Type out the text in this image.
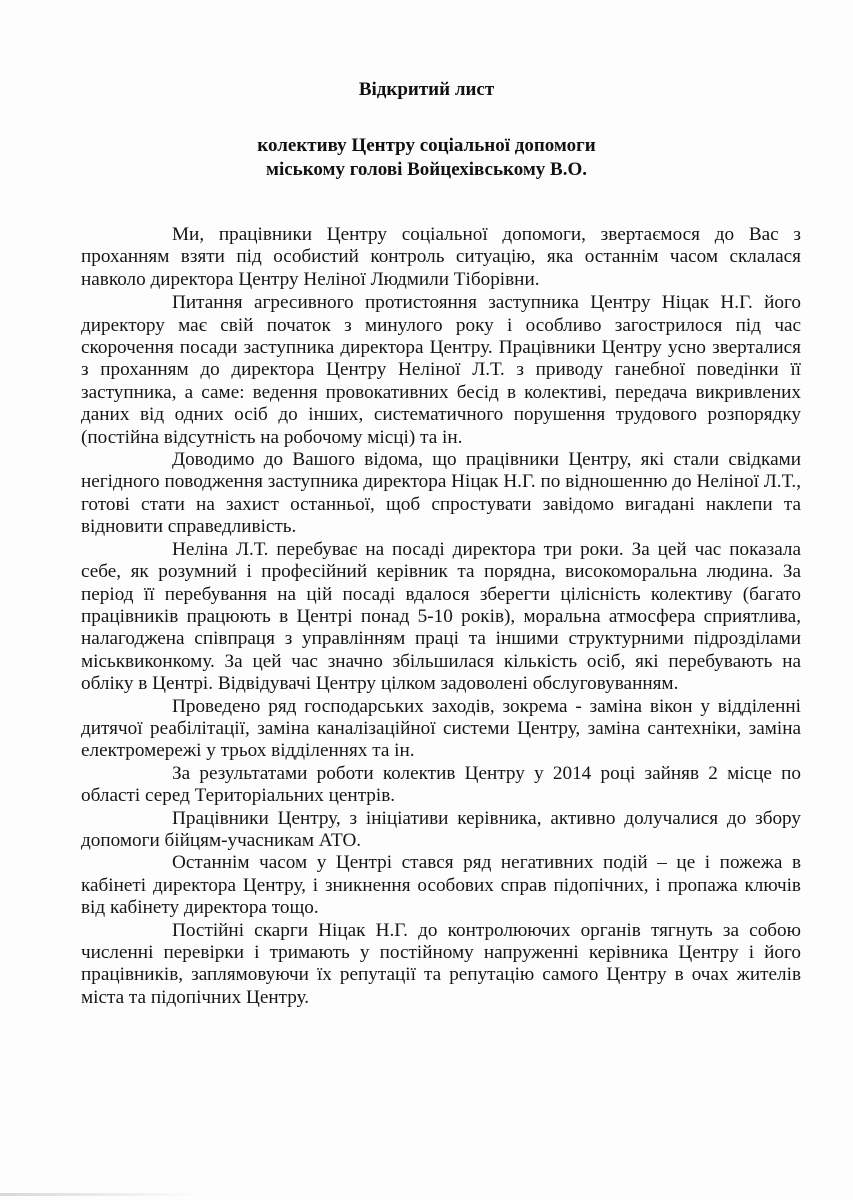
Відкритий лист
колективу Центру соціальної допомоги
міському голові Войцехівському В.О.

Ми, працівники Центру соціальної допомоги, звертаємося до Вас з проханням взяти під особистий контроль ситуацію, яка останнім часом склалася навколо директора Центру Неліної Людмили Тіборівни.

Питання агресивного протистояння заступника Центру Ніцак Н.Г. його директору має свій початок з минулого року і особливо загострилося під час скорочення посади заступника директора Центру. Працівники Центру усно зверталися з проханням до директора Центру Неліної Л.Т. з приводу ганебної поведінки її заступника, а саме: ведення провокативних бесід в колективі, передача викривлених даних від одних осіб до інших, систематичного порушення трудового розпорядку (постійна відсутність на робочому місці) та ін.

Доводимо до Вашого відома, що працівники Центру, які стали свідками негідного поводження заступника директора Ніцак Н.Г. по відношенню до Неліної Л.Т., готові стати на захист останньої, щоб спростувати завідомо вигадані наклепи та відновити справедливість.

Неліна Л.Т. перебуває на посаді директора три роки. За цей час показала себе, як розумний і професійний керівник та порядна, високоморальна людина. За період її перебування на цій посаді вдалося зберегти цілісність колективу (багато працівників працюють в Центрі понад 5-10 років), моральна атмосфера сприятлива, налагоджена співпраця з управлінням праці та іншими структурними підрозділами міськвиконкому. За цей час значно збільшилася кількість осіб, які перебувають на обліку в Центрі. Відвідувачі Центру цілком задоволені обслуговуванням.

Проведено ряд господарських заходів, зокрема - заміна вікон у відділенні дитячої реабілітації, заміна каналізаційної системи Центру, заміна сантехніки, заміна електромережі у трьох відділеннях та ін.

За результатами роботи колектив Центру у 2014 році зайняв 2 місце по області серед Територіальних центрів.

Працівники Центру, з ініціативи керівника, активно долучалися до збору допомоги бійцям-учасникам АТО.

Останнім часом у Центрі стався ряд негативних подій – це і пожежа в кабінеті директора Центру, і зникнення особових справ підопічних, і пропажа ключів від кабінету директора тощо.

Постійні скарги Ніцак Н.Г. до контролюючих органів тягнуть за собою численні перевірки і тримають у постійному напруженні керівника Центру і його працівників, заплямовуючи їх репутації та репутацію самого Центру в очах жителів міста та підопічних Центру.
